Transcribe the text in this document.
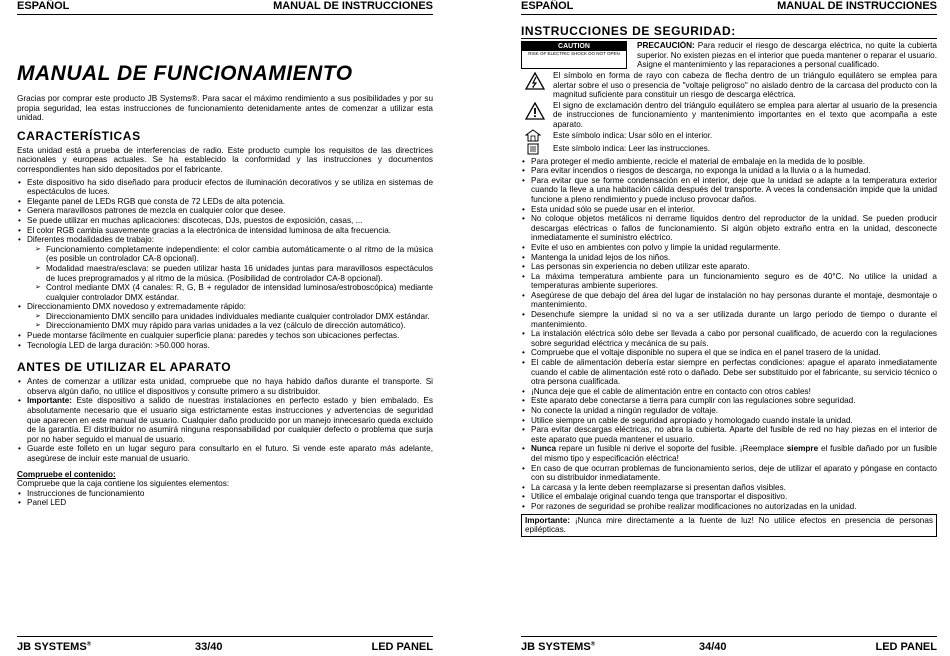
ESPAÑOL	MANUAL DE INSTRUCCIONES
MANUAL DE FUNCIONAMIENTO

Gracias por comprar este producto JB Systems®. Para sacar el máximo rendimiento a sus posibilidades y por su propia seguridad, lea estas instrucciones de funcionamiento detenidamente antes de comenzar a utilizar esta unidad.

CARACTERÍSTICAS

Esta unidad está a prueba de interferencias de radio. Este producto cumple los requisitos de las directrices nacionales y europeas actuales. Se ha establecido la conformidad y las instrucciones y documentos correspondientes han sido depositados por el fabricante.

• Este dispositivo ha sido diseñado para producir efectos de iluminación decorativos y se utiliza en sistemas de espectáculos de luces.
• Elegante panel de LEDs RGB que consta de 72 LEDs de alta potencia.
• Genera maravillosos patrones de mezcla en cualquier color que desee.
• Se puede utilizar en muchas aplicaciones: discotecas, DJs, puestos de exposición, casas, ...
• El color RGB cambia suavemente gracias a la electrónica de intensidad luminosa de alta frecuencia.
• Diferentes modalidades de trabajo:
➢ Funcionamiento completamente independiente: el color cambia automáticamente o al ritmo de la música (es posible un controlador CA-8 opcional).
➢ Modalidad maestra/esclava: se pueden utilizar hasta 16 unidades juntas para maravillosos espectáculos de luces preprogramados y al ritmo de la música. (Posibilidad de controlador CA-8 opcional).
➢ Control mediante DMX (4 canales: R, G, B + regulador de intensidad luminosa/estroboscópica) mediante cualquier controlador DMX estándar.
• Direccionamiento DMX novedoso y extremadamente rápido:
➢ Direccionamiento DMX sencillo para unidades individuales mediante cualquier controlador DMX estándar.
➢ Direccionamiento DMX muy rápido para varias unidades a la vez (cálculo de dirección automático).
• Puede montarse fácilmente en cualquier superficie plana: paredes y techos son ubicaciones perfectas.
• Tecnología LED de larga duración: >50.000 horas.
ANTES DE UTILIZAR EL APARATO
• Antes de comenzar a utilizar esta unidad, compruebe que no haya habido daños durante el transporte. Si observa algún daño, no utilice el dispositivos y consulte primero a su distribuidor.
• Importante: Este dispositivo a salido de nuestras instalaciones en perfecto estado y bien embalado. Es absolutamente necesario que el usuario siga estrictamente estas instrucciones y advertencias de seguridad que aparecen en este manual de usuario. Cualquier daño producido por un manejo innecesario queda excluido de la garantía. El distribuidor no asumirá ninguna responsabilidad por cualquier defecto o problema que surja por no haber seguido el manual de usuario.
• Guarde este folleto en un lugar seguro para consultarlo en el futuro. Si vende este aparato más adelante, asegúrese de incluir este manual de usuario.
Compruebe el contenido:

Compruebe que la caja contiene los siguientes elementos:

• Instrucciones de funcionamiento
• Panel LED
JB SYSTEMS®	33/40	LED PANEL
ESPAÑOL	MANUAL DE INSTRUCCIONES
INSTRUCCIONES DE SEGURIDAD:
CAUTION
RISK OF ELECTRIC SHOCK DO NOT OPEN
PRECAUCIÓN: Para reducir el riesgo de descarga eléctrica, no quite la cubierta superior. No existen piezas en el interior que pueda mantener o reparar el usuario. Asigne el mantenimiento y las reparaciones a personal cualificado.
El símbolo en forma de rayo con cabeza de flecha dentro de un triángulo equilátero se emplea para alertar sobre el uso o presencia de "voltaje peligroso" no aislado dentro de la carcasa del producto con la magnitud suficiente para constituir un riesgo de descarga eléctrica.
El signo de exclamación dentro del triángulo equilátero se emplea para alertar al usuario de la presencia de instrucciones de funcionamiento y mantenimiento importantes en el texto que acompaña a este aparato.
Este símbolo indica: Usar sólo en el interior.
i Este símbolo indica: Leer las instrucciones.
• Para proteger el medio ambiente, recicle el material de embalaje en la medida de lo posible.
• Para evitar incendios o riesgos de descarga, no exponga la unidad a la lluvia o a la humedad.
• Para evitar que se forme condensación en el interior, deje que la unidad se adapte a la temperatura exterior cuando la lleve a una habitación cálida después del transporte. A veces la condensación impide que la unidad funcione a pleno rendimiento y puede incluso provocar daños.
• Esta unidad sólo se puede usar en el interior.
• No coloque objetos metálicos ni derrame líquidos dentro del reproductor de la unidad. Se pueden producir descargas eléctricas o fallos de funcionamiento. Si algún objeto extraño entra en la unidad, desconecte inmediatamente el suministro eléctrico.
• Evite el uso en ambientes con polvo y limpie la unidad regularmente.
• Mantenga la unidad lejos de los niños.
• Las personas sin experiencia no deben utilizar este aparato.
• La máxima temperatura ambiente para un funcionamiento seguro es de 40°C. No utilice la unidad a temperaturas ambiente superiores.
• Asegúrese de que debajo del área del lugar de instalación no hay personas durante el montaje, desmontaje o mantenimiento.
• Desenchufe siempre la unidad si no va a ser utilizada durante un largo periodo de tiempo o durante el mantenimiento.
• La instalación eléctrica sólo debe ser llevada a cabo por personal cualificado, de acuerdo con la regulaciones sobre seguridad eléctrica y mecánica de su país.
• Compruebe que el voltaje disponible no supera el que se indica en el panel trasero de la unidad.
• El cable de alimentación debería estar siempre en perfectas condiciones: apague el aparato inmediatamente cuando el cable de alimentación esté roto o dañado. Debe ser substituido por el fabricante, su servicio técnico o otra persona cualificada.
• ¡Nunca deje que el cable de alimentación entre en contacto con otros cables!
• Este aparato debe conectarse a tierra para cumplir con las regulaciones sobre seguridad.
• No conecte la unidad a ningún regulador de voltaje.
• Utilice siempre un cable de seguridad apropiado y homologado cuando instale la unidad.
• Para evitar descargas eléctricas, no abra la cubierta. Aparte del fusible de red no hay piezas en el interior de este aparato que pueda mantener el usuario.
• Nunca repare un fusible ni derive el soporte del fusible. ¡Reemplace siempre el fusible dañado por un fusible del mismo tipo y especificación eléctrica!
• En caso de que ocurran problemas de funcionamiento serios, deje de utilizar el aparato y póngase en contacto con su distribuidor inmediatamente.
• La carcasa y la lente deben reemplazarse si presentan daños visibles.
• Utilice el embalaje original cuando tenga que transportar el dispositivo.
• Por razones de seguridad se prohíbe realizar modificaciones no autorizadas en la unidad.
Importante: ¡Nunca mire directamente a la fuente de luz! No utilice efectos en presencia de personas epilépticas.
JB SYSTEMS®	34/40	LED PANEL
